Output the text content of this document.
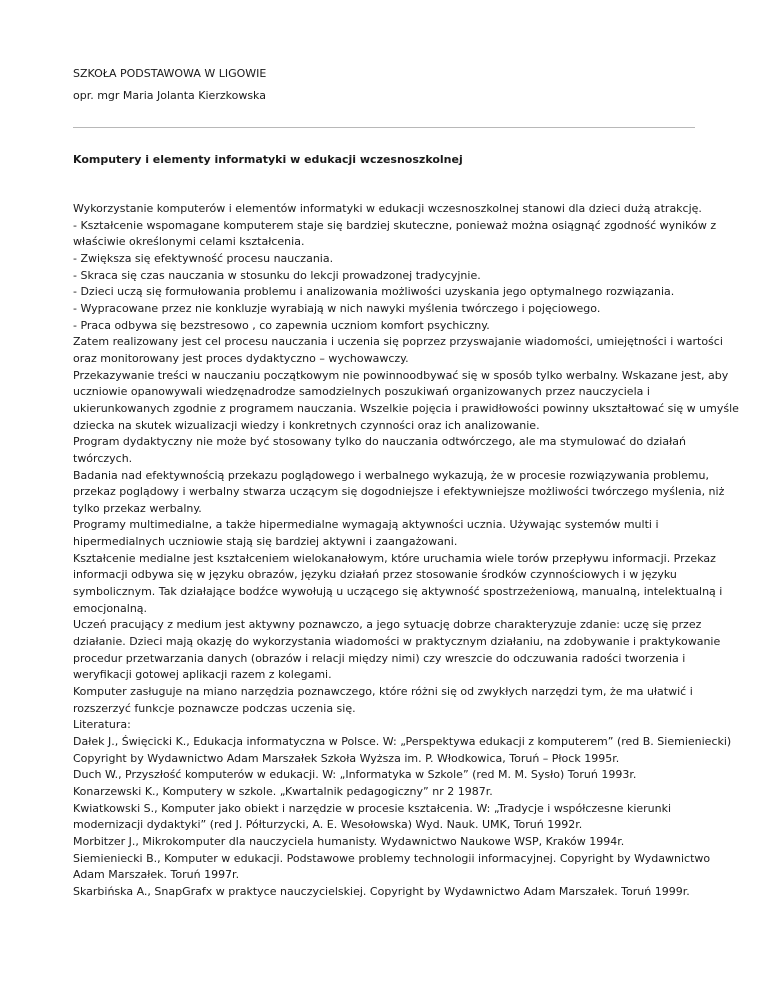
SZKOŁA PODSTAWOWA W LIGOWIE
opr. mgr Maria Jolanta Kierzkowska
Komputery i elementy informatyki w edukacji wczesnoszkolnej
Wykorzystanie komputerów i elementów informatyki w edukacji wczesnoszkolnej stanowi dla dzieci dużą atrakcję.
- Kształcenie wspomagane komputerem staje się bardziej skuteczne, ponieważ można osiągnąć zgodność wyników z
właściwie określonymi celami kształcenia.
- Zwiększa się efektywność procesu nauczania.
- Skraca się czas nauczania w stosunku do lekcji prowadzonej tradycyjnie.
- Dzieci uczą się formułowania problemu i analizowania możliwości uzyskania jego optymalnego rozwiązania.
- Wypracowane przez nie konkluzje wyrabiają w nich nawyki myślenia twórczego i pojęciowego.
- Praca odbywa się bezstresowo , co zapewnia uczniom komfort psychiczny.
Zatem realizowany jest cel procesu nauczania i uczenia się poprzez przyswajanie wiadomości, umiejętności i wartości
oraz monitorowany jest proces dydaktyczno – wychowawczy.
Przekazywanie treści w nauczaniu początkowym nie powinnoodbywać się w sposób tylko werbalny. Wskazane jest, aby
uczniowie opanowywali wiedzęnadrodze samodzielnych poszukiwań organizowanych przez nauczyciela i
ukierunkowanych zgodnie z programem nauczania. Wszelkie pojęcia i prawidłowości powinny ukształtować się w umyśle
dziecka na skutek wizualizacji wiedzy i konkretnych czynności oraz ich analizowanie.
Program dydaktyczny nie może być stosowany tylko do nauczania odtwórczego, ale ma stymulować do działań
twórczych.
Badania nad efektywnością przekazu poglądowego i werbalnego wykazują, że w procesie rozwiązywania problemu,
przekaz poglądowy i werbalny stwarza uczącym się dogodniejsze i efektywniejsze możliwości twórczego myślenia, niż
tylko przekaz werbalny.
Programy multimedialne, a także hipermedialne wymagają aktywności ucznia. Używając systemów multi i
hipermedialnych uczniowie stają się bardziej aktywni i zaangażowani.
Kształcenie medialne jest kształceniem wielokanałowym, które uruchamia wiele torów przepływu informacji. Przekaz
informacji odbywa się w języku obrazów, języku działań przez stosowanie środków czynnościowych i w języku
symbolicznym. Tak działające bodźce wywołują u uczącego się aktywność spostrzeżeniową, manualną, intelektualną i
emocjonalną.
Uczeń pracujący z medium jest aktywny poznawczo, a jego sytuację dobrze charakteryzuje zdanie: uczę się przez
działanie. Dzieci mają okazję do wykorzystania wiadomości w praktycznym działaniu, na zdobywanie i praktykowanie
procedur przetwarzania danych (obrazów i relacji między nimi) czy wreszcie do odczuwania radości tworzenia i
weryfikacji gotowej aplikacji razem z kolegami.
Komputer zasługuje na miano narzędzia poznawczego, które różni się od zwykłych narzędzi tym, że ma ułatwić i
rozszerzyć funkcje poznawcze podczas uczenia się.
Literatura:
Dałek J., Święcicki K., Edukacja informatyczna w Polsce. W: „Perspektywa edukacji z komputerem” (red B. Siemieniecki)
Copyright by Wydawnictwo Adam Marszałek Szkoła Wyższa im. P. Włodkowica, Toruń – Płock 1995r.
Duch W., Przyszłość komputerów w edukacji. W: „Informatyka w Szkole” (red M. M. Sysło) Toruń 1993r.
Konarzewski K., Komputery w szkole. „Kwartalnik pedagogiczny” nr 2 1987r.
Kwiatkowski S., Komputer jako obiekt i narzędzie w procesie kształcenia. W: „Tradycje i współczesne kierunki
modernizacji dydaktyki” (red J. Półturzycki, A. E. Wesołowska) Wyd. Nauk. UMK, Toruń 1992r.
Morbitzer J., Mikrokomputer dla nauczyciela humanisty. Wydawnictwo Naukowe WSP, Kraków 1994r.
Siemieniecki B., Komputer w edukacji. Podstawowe problemy technologii informacyjnej. Copyright by Wydawnictwo
Adam Marszałek. Toruń 1997r.
Skarbińska A., SnapGrafx w praktyce nauczycielskiej. Copyright by Wydawnictwo Adam Marszałek. Toruń 1999r.
